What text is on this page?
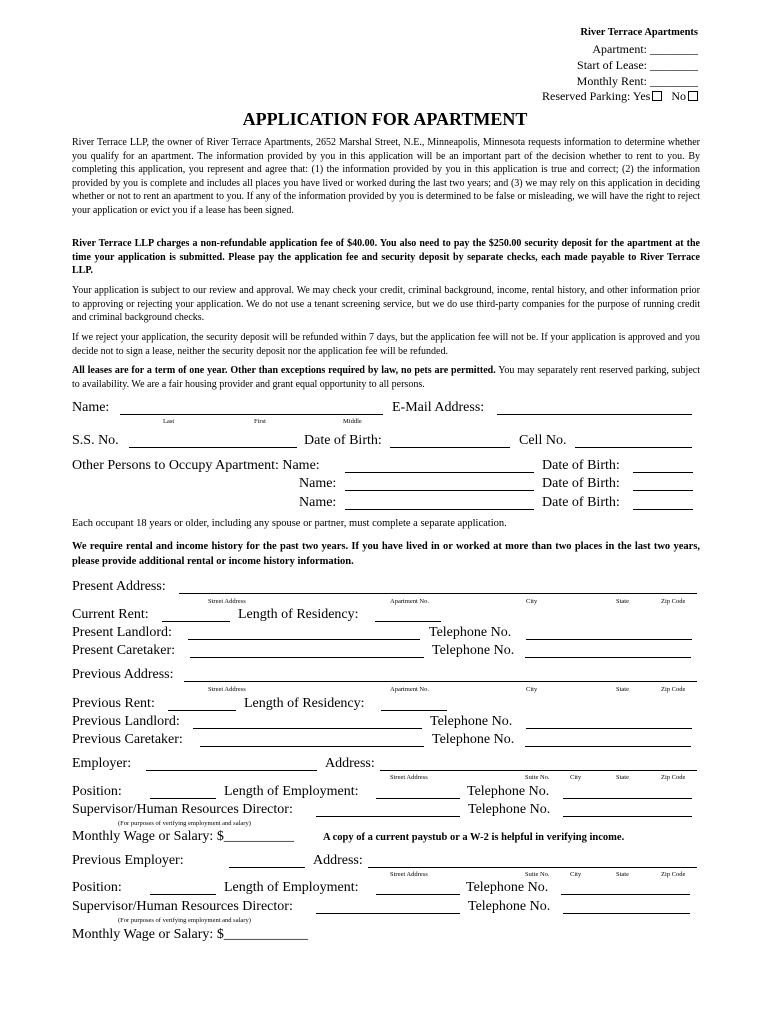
River Terrace Apartments
Apartment: ________
Start of Lease: ________
Monthly Rent: ________
Reserved Parking: Yes No
APPLICATION FOR APARTMENT
River Terrace LLP, the owner of River Terrace Apartments, 2652 Marshal Street, N.E., Minneapolis, Minnesota requests information to determine whether you qualify for an apartment. The information provided by you in this application will be an important part of the decision whether to rent to you. By completing this application, you represent and agree that: (1) the information provided by you in this application is true and correct; (2) the information provided by you is complete and includes all places you have lived or worked during the last two years; and (3) we may rely on this application in deciding whether or not to rent an apartment to you. If any of the information provided by you is determined to be false or misleading, we will have the right to reject your application or evict you if a lease has been signed.
River Terrace LLP charges a non-refundable application fee of $40.00. You also need to pay the $250.00 security deposit for the apartment at the time your application is submitted. Please pay the application fee and security deposit by separate checks, each made payable to River Terrace LLP.
Your application is subject to our review and approval. We may check your credit, criminal background, income, rental history, and other information prior to approving or rejecting your application. We do not use a tenant screening service, but we do use third-party companies for the purpose of running credit and criminal background checks.
If we reject your application, the security deposit will be refunded within 7 days, but the application fee will not be. If your application is approved and you decide not to sign a lease, neither the security deposit nor the application fee will be refunded.
All leases are for a term of one year. Other than exceptions required by law, no pets are permitted. You may separately rent reserved parking, subject to availability. We are a fair housing provider and grant equal opportunity to all persons.
Name:	E-Mail Address:
Last	First	Middle
S.S. No.	Date of Birth:	Cell No.
Other Persons to Occupy Apartment: Name:	Date of Birth:
Name:	Date of Birth:
Name:	Date of Birth:
Each occupant 18 years or older, including any spouse or partner, must complete a separate application.
We require rental and income history for the past two years. If you have lived in or worked at more than two places in the last two years, please provide additional rental or income history information.
Present Address:
Street Address	Apartment No.	City	State	Zip Code
Current Rent:	Length of Residency:
Present Landlord:	Telephone No.
Present Caretaker:	Telephone No.
Previous Address:
Street Address	Apartment No.	City	State	Zip Code
Previous Rent:	Length of Residency:
Previous Landlord:	Telephone No.
Previous Caretaker:	Telephone No.
Employer:	Address:
Street Address	Suite No.	City	State	Zip Code
Position:	Length of Employment:	Telephone No.
Supervisor/Human Resources Director:	Telephone No.
(For purposes of verifying employment and salary)
Monthly Wage or Salary: $__________	A copy of a current paystub or a W-2 is helpful in verifying income.
Previous Employer:	Address:
Street Address	Suite No.	City	State	Zip Code
Position:	Length of Employment:	Telephone No.
Supervisor/Human Resources Director:	Telephone No.
(For purposes of verifying employment and salary)
Monthly Wage or Salary: $____________
